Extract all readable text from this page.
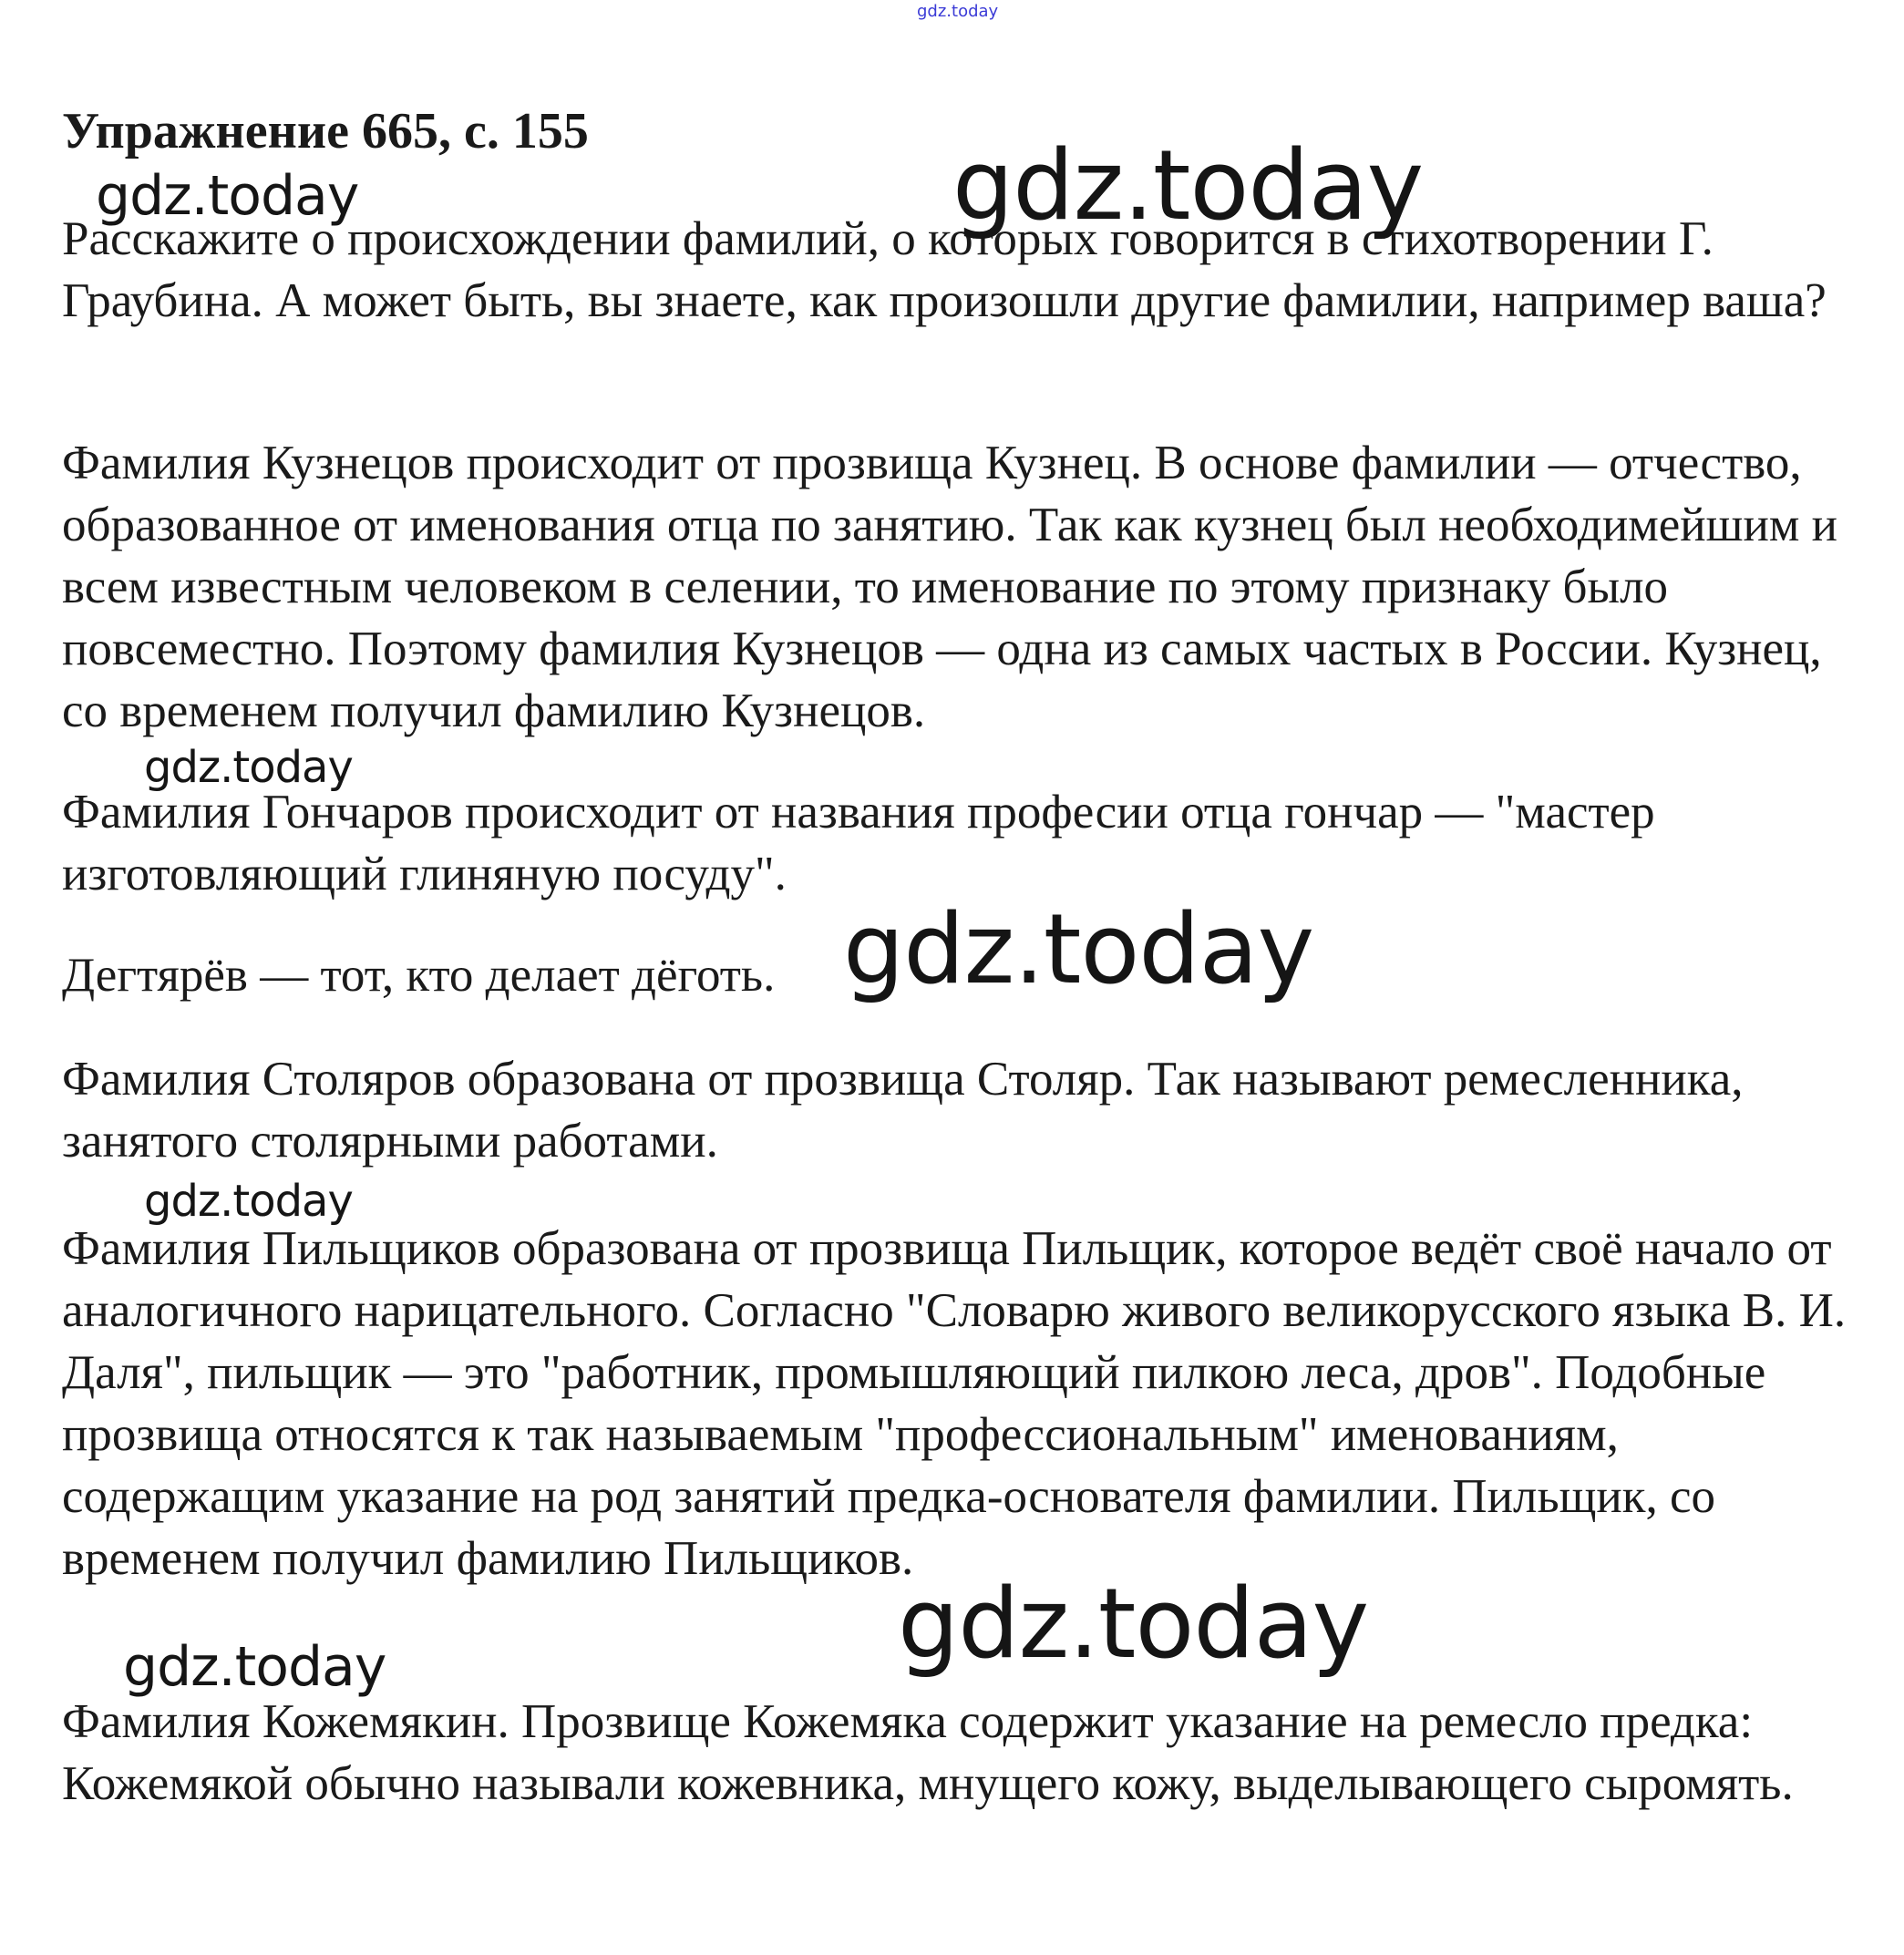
gdz.today
Упражнение 665, с. 155

Расскажите о происхождении фамилий, о которых говорится в стихотворении Г. Граубина. А может быть, вы знаете, как произошли другие фамилии, например ваша?

Фамилия Кузнецов происходит от прозвища Кузнец. В основе фамилии — отчество, образованное от именования отца по занятию. Так как кузнец был необходимейшим и всем известным человеком в селении, то именование по этому признаку было повсеместно. Поэтому фамилия Кузнецов — одна из самых частых в России. Кузнец, со временем получил фамилию Кузнецов.

Фамилия Гончаров происходит от названия професии отца гончар — "мастер изготовляющий глиняную посуду".

Дегтярёв — тот, кто делает дёготь.

Фамилия Столяров образована от прозвища Столяр. Так называют ремесленника, занятого столярными работами.

Фамилия Пильщиков образована от прозвища Пильщик, которое ведёт своё начало от аналогичного нарицательного. Согласно "Словарю живого великорусского языка В. И. Даля", пильщик — это "работник, промышляющий пилкою леса, дров". Подобные прозвища относятся к так называемым "профессиональным" именованиям, содержащим указание на род занятий предка-основателя фамилии. Пильщик, со временем получил фамилию Пильщиков.

Фамилия Кожемякин. Прозвище Кожемяка содержит указание на ремесло предка: Кожемякой обычно называли кожевника, мнущего кожу, выделывающего сыромять.

gdz.today	gdz.today
gdz.today
gdz.today
gdz.today
gdz.today
gdz.today
